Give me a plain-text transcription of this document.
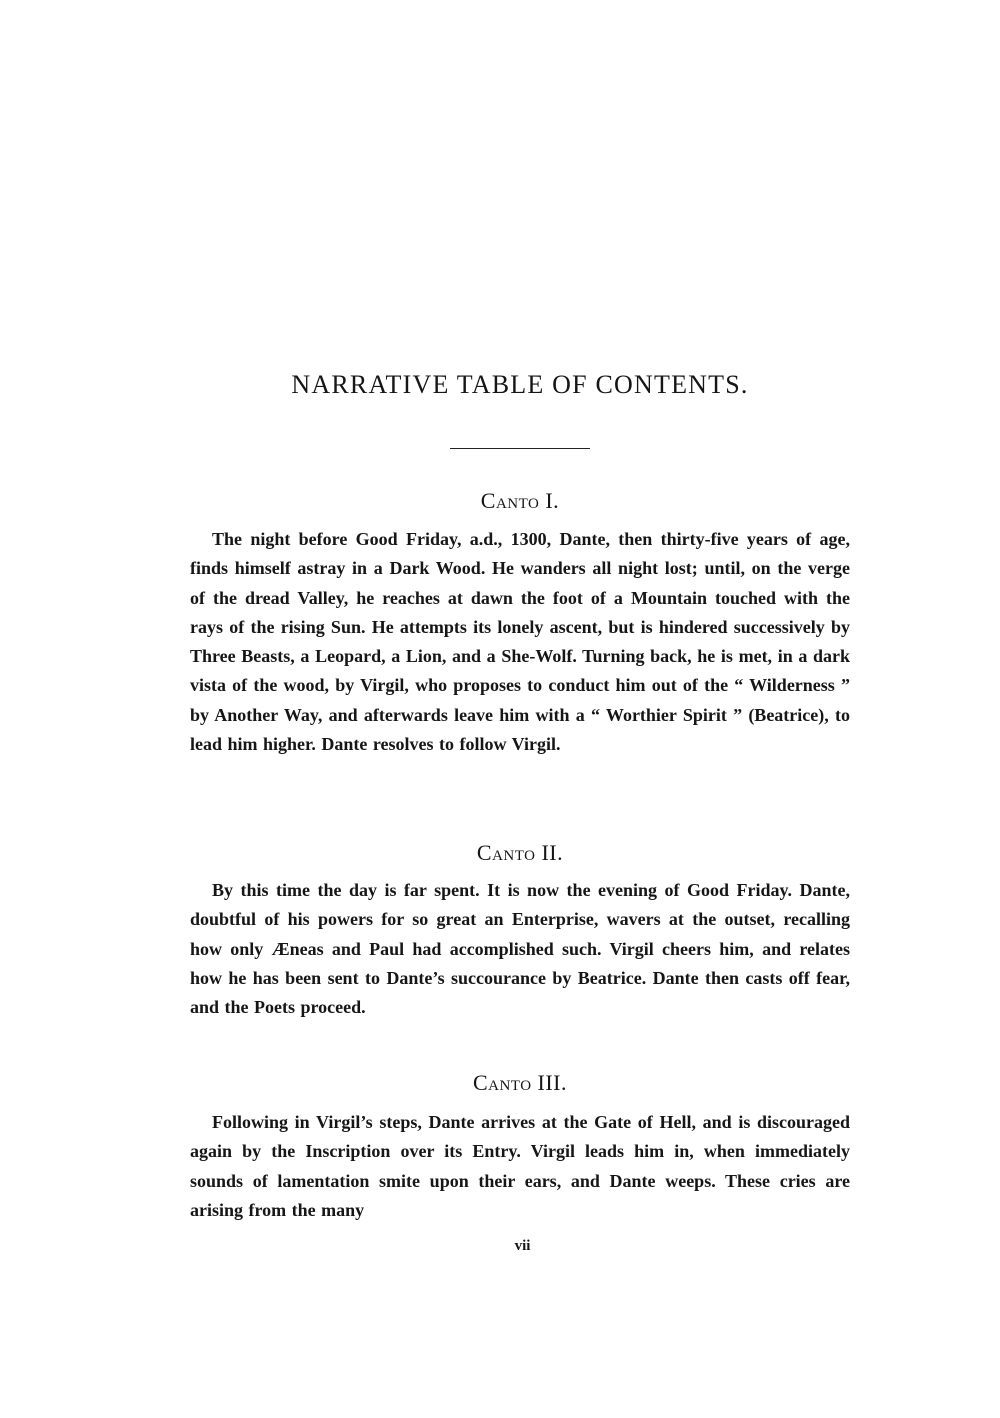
NARRATIVE TABLE OF CONTENTS.
Canto I.

The night before Good Friday, a.d., 1300, Dante, then thirty-five years of age, finds himself astray in a Dark Wood. He wanders all night lost; until, on the verge of the dread Valley, he reaches at dawn the foot of a Mountain touched with the rays of the rising Sun. He attempts its lonely ascent, but is hindered successively by Three Beasts, a Leopard, a Lion, and a She-Wolf. Turning back, he is met, in a dark vista of the wood, by Virgil, who proposes to conduct him out of the “ Wilderness ” by Another Way, and afterwards leave him with a “ Worthier Spirit ” (Beatrice), to lead him higher. Dante resolves to follow Virgil.

Canto II.

By this time the day is far spent. It is now the evening of Good Friday. Dante, doubtful of his powers for so great an Enterprise, wavers at the outset, recalling how only Æneas and Paul had accomplished such. Virgil cheers him, and relates how he has been sent to Dante’s succourance by Beatrice. Dante then casts off fear, and the Poets proceed.

Canto III.

Following in Virgil’s steps, Dante arrives at the Gate of Hell, and is discouraged again by the Inscription over its Entry. Virgil leads him in, when immediately sounds of lamentation smite upon their ears, and Dante weeps. These cries are arising from the many

vii
